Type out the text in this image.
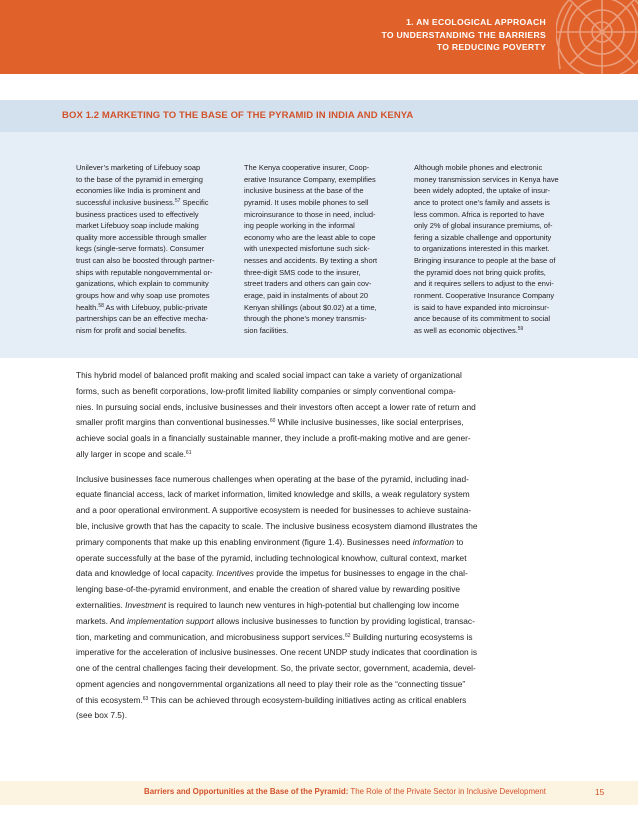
1. AN ECOLOGICAL APPROACH
TO UNDERSTANDING THE BARRIERS
TO REDUCING POVERTY
BOX 1.2 MARKETING TO THE BASE OF THE PYRAMID IN INDIA AND KENYA
Unilever’s marketing of Lifebuoy soap
to the base of the pyramid in emerging
economies like India is prominent and
successful inclusive business.$^{57}$ Specific
business practices used to effectively
market Lifebuoy soap include making
quality more accessible through smaller
kegs (single-serve formats). Consumer
trust can also be boosted through partner-
ships with reputable nongovernmental or-
ganizations, which explain to community
groups how and why soap use promotes
health.$^{58}$ As with Lifebuoy, public-private
partnerships can be an effective mecha-
nism for profit and social benefits.
The Kenya cooperative insurer, Coop-
erative Insurance Company, exemplifies
inclusive business at the base of the
pyramid. It uses mobile phones to sell
microinsurance to those in need, includ-
ing people working in the informal
economy who are the least able to cope
with unexpected misfortune such sick-
nesses and accidents. By texting a short
three-digit SMS code to the insurer,
street traders and others can gain cov-
erage, paid in instalments of about 20
Kenyan shillings (about $0.02) at a time,
through the phone’s money transmis-
sion facilities.
Although mobile phones and electronic
money transmission services in Kenya have
been widely adopted, the uptake of insur-
ance to protect one’s family and assets is
less common. Africa is reported to have
only 2% of global insurance premiums, of-
fering a sizable challenge and opportunity
to organizations interested in this market.
Bringing insurance to people at the base of
the pyramid does not bring quick profits,
and it requires sellers to adjust to the envi-
ronment. Cooperative Insurance Company
is said to have expanded into microinsur-
ance because of its commitment to social
as well as economic objectives.$^{59}$
This hybrid model of balanced profit making and scaled social impact can take a variety of organizational
forms, such as benefit corporations, low-profit limited liability companies or simply conventional compa-
nies. In pursuing social ends, inclusive businesses and their investors often accept a lower rate of return and
smaller profit margins than conventional businesses.$^{60}$ While inclusive businesses, like social enterprises,
achieve social goals in a financially sustainable manner, they include a profit-making motive and are gener-
ally larger in scope and scale.$^{61}$
Inclusive businesses face numerous challenges when operating at the base of the pyramid, including inad-
equate financial access, lack of market information, limited knowledge and skills, a weak regulatory system
and a poor operational environment. A supportive ecosystem is needed for businesses to achieve sustaina-
ble, inclusive growth that has the capacity to scale. The inclusive business ecosystem diamond illustrates the
primary components that make up this enabling environment (figure 1.4). Businesses need information to
operate successfully at the base of the pyramid, including technological knowhow, cultural context, market
data and knowledge of local capacity. Incentives provide the impetus for businesses to engage in the chal-
lenging base-of-the-pyramid environment, and enable the creation of shared value by rewarding positive
externalities. Investment is required to launch new ventures in high-potential but challenging low income
markets. And implementation support allows inclusive businesses to function by providing logistical, transac-
tion, marketing and communication, and microbusiness support services.$^{62}$ Building nurturing ecosystems is
imperative for the acceleration of inclusive businesses. One recent UNDP study indicates that coordination is
one of the central challenges facing their development. So, the private sector, government, academia, devel-
opment agencies and nongovernmental organizations all need to play their role as the “connecting tissue”
of this ecosystem.$^{63}$ This can be achieved through ecosystem-building initiatives acting as critical enablers
(see box 7.5).
Barriers and Opportunities at the Base of the Pyramid: The Role of the Private Sector in Inclusive Development	15
